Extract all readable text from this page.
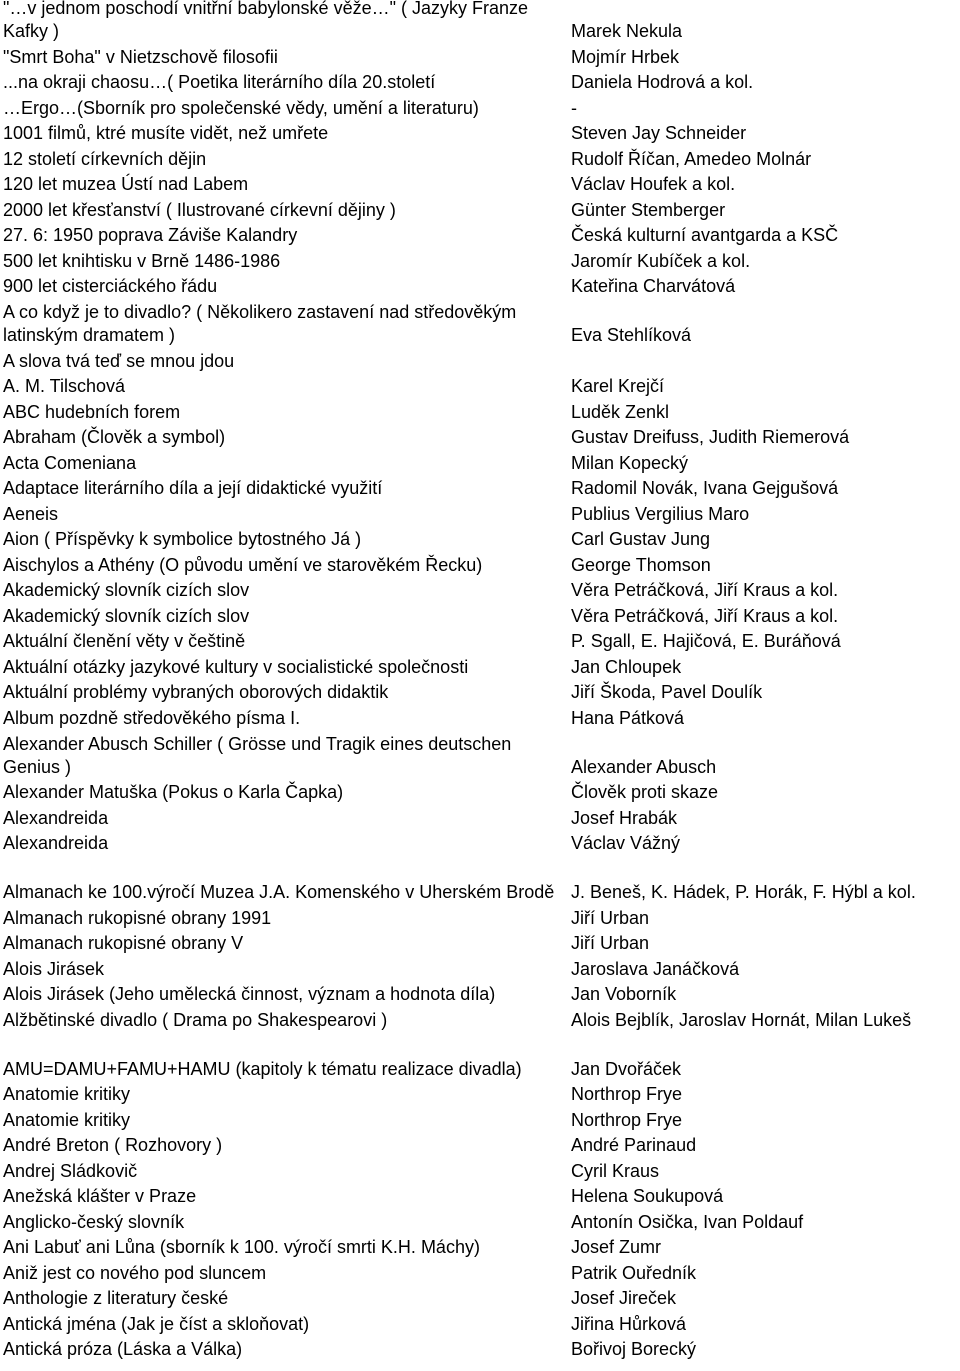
"…v jednom poschodí vnitřní babylonské věže…" ( Jazyky Franze Kafky )	Marek Nekula
"Smrt Boha" v Nietzschově filosofii	Mojmír Hrbek
...na okraji chaosu…( Poetika literárního díla 20.století	Daniela Hodrová a kol.
…Ergo…(Sborník pro společenské vědy, umění a literaturu)	-
1001 filmů, ktré musíte vidět, než umřete	Steven Jay Schneider
12 století církevních dějin	Rudolf Říčan, Amedeo Molnár
120 let muzea Ústí nad Labem	Václav Houfek a kol.
2000 let křesťanství ( Ilustrované církevní dějiny )	Günter Stemberger
27. 6: 1950 poprava Záviše Kalandry	Česká kulturní avantgarda a KSČ
500 let knihtisku v Brně 1486-1986	Jaromír Kubíček a kol.
900 let cisterciáckého řádu	Kateřina Charvátová
A co když je to divadlo? ( Několikero zastavení nad středověkým latinským dramatem )	Eva Stehlíková
A slova tvá teď se mnou jdou	
A. M. Tilschová	Karel Krejčí
ABC hudebních forem	Luděk Zenkl
Abraham (Člověk a symbol)	Gustav Dreifuss, Judith Riemerová
Acta Comeniana	Milan Kopecký
Adaptace literárního díla a její didaktické využití	Radomil Novák, Ivana Gejgušová
Aeneis	Publius Vergilius Maro
Aion ( Příspěvky k symbolice bytostného Já )	Carl Gustav Jung
Aischylos a Athény (O původu umění ve starověkém Řecku)	George Thomson
Akademický slovník cizích slov	Věra Petráčková, Jiří Kraus a kol.
Akademický slovník cizích slov	Věra Petráčková, Jiří Kraus a kol.
Aktuální členění věty v češtině	P. Sgall, E. Hajičová, E. Buráňová
Aktuální otázky jazykové kultury v socialistické společnosti	Jan Chloupek
Aktuální problémy vybraných oborových didaktik	Jiří Škoda, Pavel Doulík
Album pozdně středověkého písma I.	Hana Pátková
Alexander Abusch Schiller ( Grösse und Tragik eines deutschen Genius )	Alexander Abusch
Alexander Matuška (Pokus o Karla Čapka)	Člověk proti skaze
Alexandreida	Josef Hrabák
Alexandreida	Václav Vážný
Almanach ke 100.výročí Muzea J.A. Komenského v Uherském Brodě	J. Beneš, K. Hádek, P. Horák, F. Hýbl a kol.
Almanach rukopisné obrany 1991	Jiří Urban
Almanach rukopisné obrany V	Jiří Urban
Alois Jirásek	Jaroslava Janáčková
Alois Jirásek (Jeho umělecká činnost, význam a hodnota díla)	Jan Voborník
Alžbětinské divadlo ( Drama po Shakespearovi )	Alois Bejblík, Jaroslav Hornát, Milan Lukeš
AMU=DAMU+FAMU+HAMU (kapitoly k tématu realizace divadla)	Jan Dvořáček
Anatomie kritiky	Northrop Frye
Anatomie kritiky	Northrop Frye
André Breton ( Rozhovory )	André Parinaud
Andrej Sládkovič	Cyril Kraus
Anežská klášter v Praze	Helena Soukupová
Anglicko-český slovník	Antonín Osička, Ivan Poldauf
Ani Labuť ani Lůna (sborník k 100. výročí smrti K.H. Máchy)	Josef Zumr
Aniž jest co nového pod sluncem	Patrik Ouředník
Anthologie z literatury české	Josef Jireček
Antická jména (Jak je číst a skloňovat)	Jiřina Hůrková
Antická próza (Láska a Válka)	Bořivoj Borecký
